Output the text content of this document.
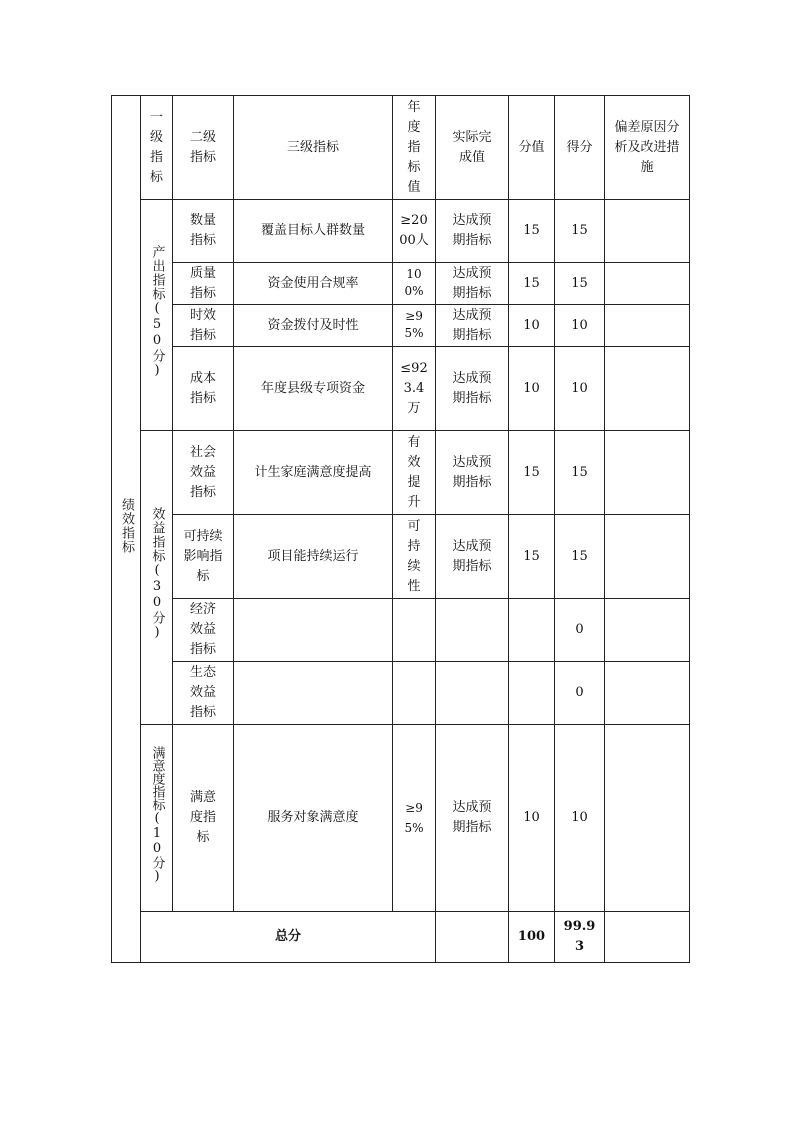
绩效指标	一级指标	二级指标	三级指标	年度指标值	实际完成值	分值	得分	偏差原因分析及改进措施
	产出指标(50分)	数量指标	覆盖目标人群数量	≥2000人	达成预期指标	15	15	
		质量指标	资金使用合规率	100%	达成预期指标	15	15	
		时效指标	资金拨付及时性	≥95%	达成预期指标	10	10	
		成本指标	年度县级专项资金	≤923.4万	达成预期指标	10	10	
	效益指标(30分)	社会效益指标	计生家庭满意度提高	有效提升	达成预期指标	15	15	
		可持续影响指标	项目能持续运行	可持续性	达成预期指标	15	15	
		经济效益指标					0	
		生态效益指标					0	
	满意度指标(10分)	满意度指标	服务对象满意度	≥95%	达成预期指标	10	10	
	总分					100	99.93	
